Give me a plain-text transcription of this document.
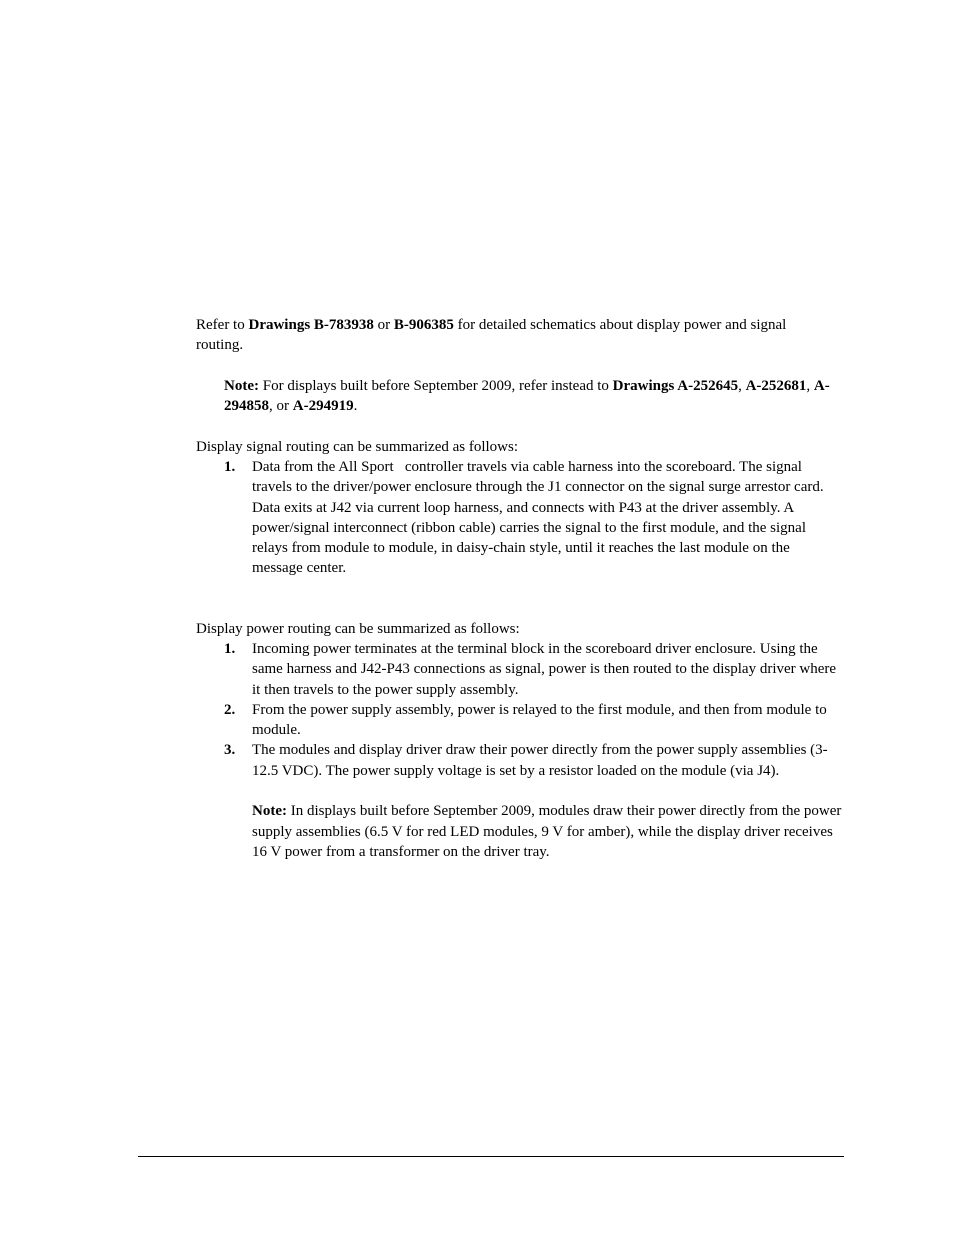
Refer to Drawings B-783938 or B-906385 for detailed schematics about display power and signal routing.

Note: For displays built before September 2009, refer instead to Drawings A-252645, A-252681, A-294858, or A-294919.

Display signal routing can be summarized as follows:

1. Data from the All Sport   controller travels via cable harness into the scoreboard. The signal travels to the driver/power enclosure through the J1 connector on the signal surge arrestor card.
Data exits at J42 via current loop harness, and connects with P43 at the driver assembly. A power/signal interconnect (ribbon cable) carries the signal to the first module, and the signal relays from module to module, in daisy-chain style, until it reaches the last module on the message center.

Display power routing can be summarized as follows:

1. Incoming power terminates at the terminal block in the scoreboard driver enclosure. Using the same harness and J42-P43 connections as signal, power is then routed to the display driver where it then travels to the power supply assembly.
2. From the power supply assembly, power is relayed to the first module, and then from module to module.
3. The modules and display driver draw their power directly from the power supply assemblies (3-12.5 VDC). The power supply voltage is set by a resistor loaded on the module (via J4).
Note: In displays built before September 2009, modules draw their power directly from the power supply assemblies (6.5 V for red LED modules, 9 V for amber), while the display driver receives 16 V power from a transformer on the driver tray.
